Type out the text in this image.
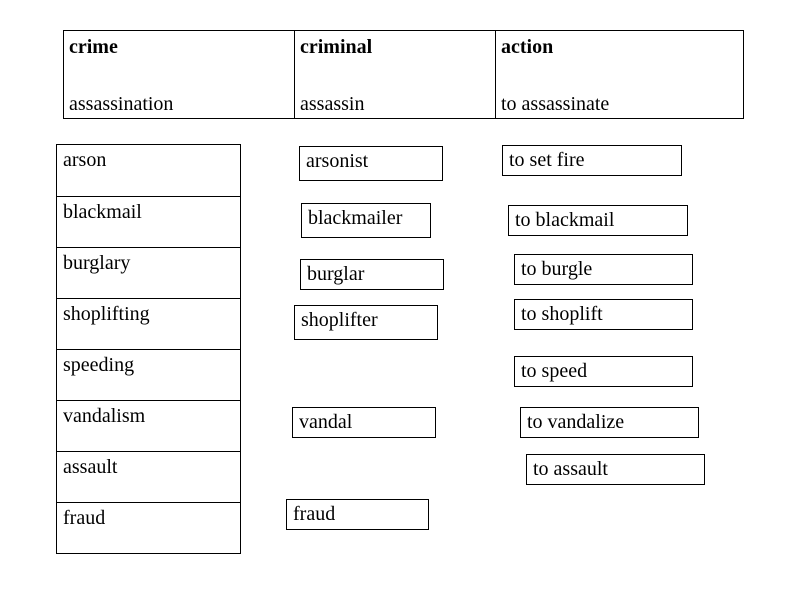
crime
assassination
criminal
assassin
action
to assassinate
arson
blackmail
burglary
shoplifting
speeding
vandalism
assault
fraud
arsonist
blackmailer
burglar
shoplifter
vandal
fraud
to set fire
to blackmail
to burgle
to shoplift
to speed
to vandalize
to assault
